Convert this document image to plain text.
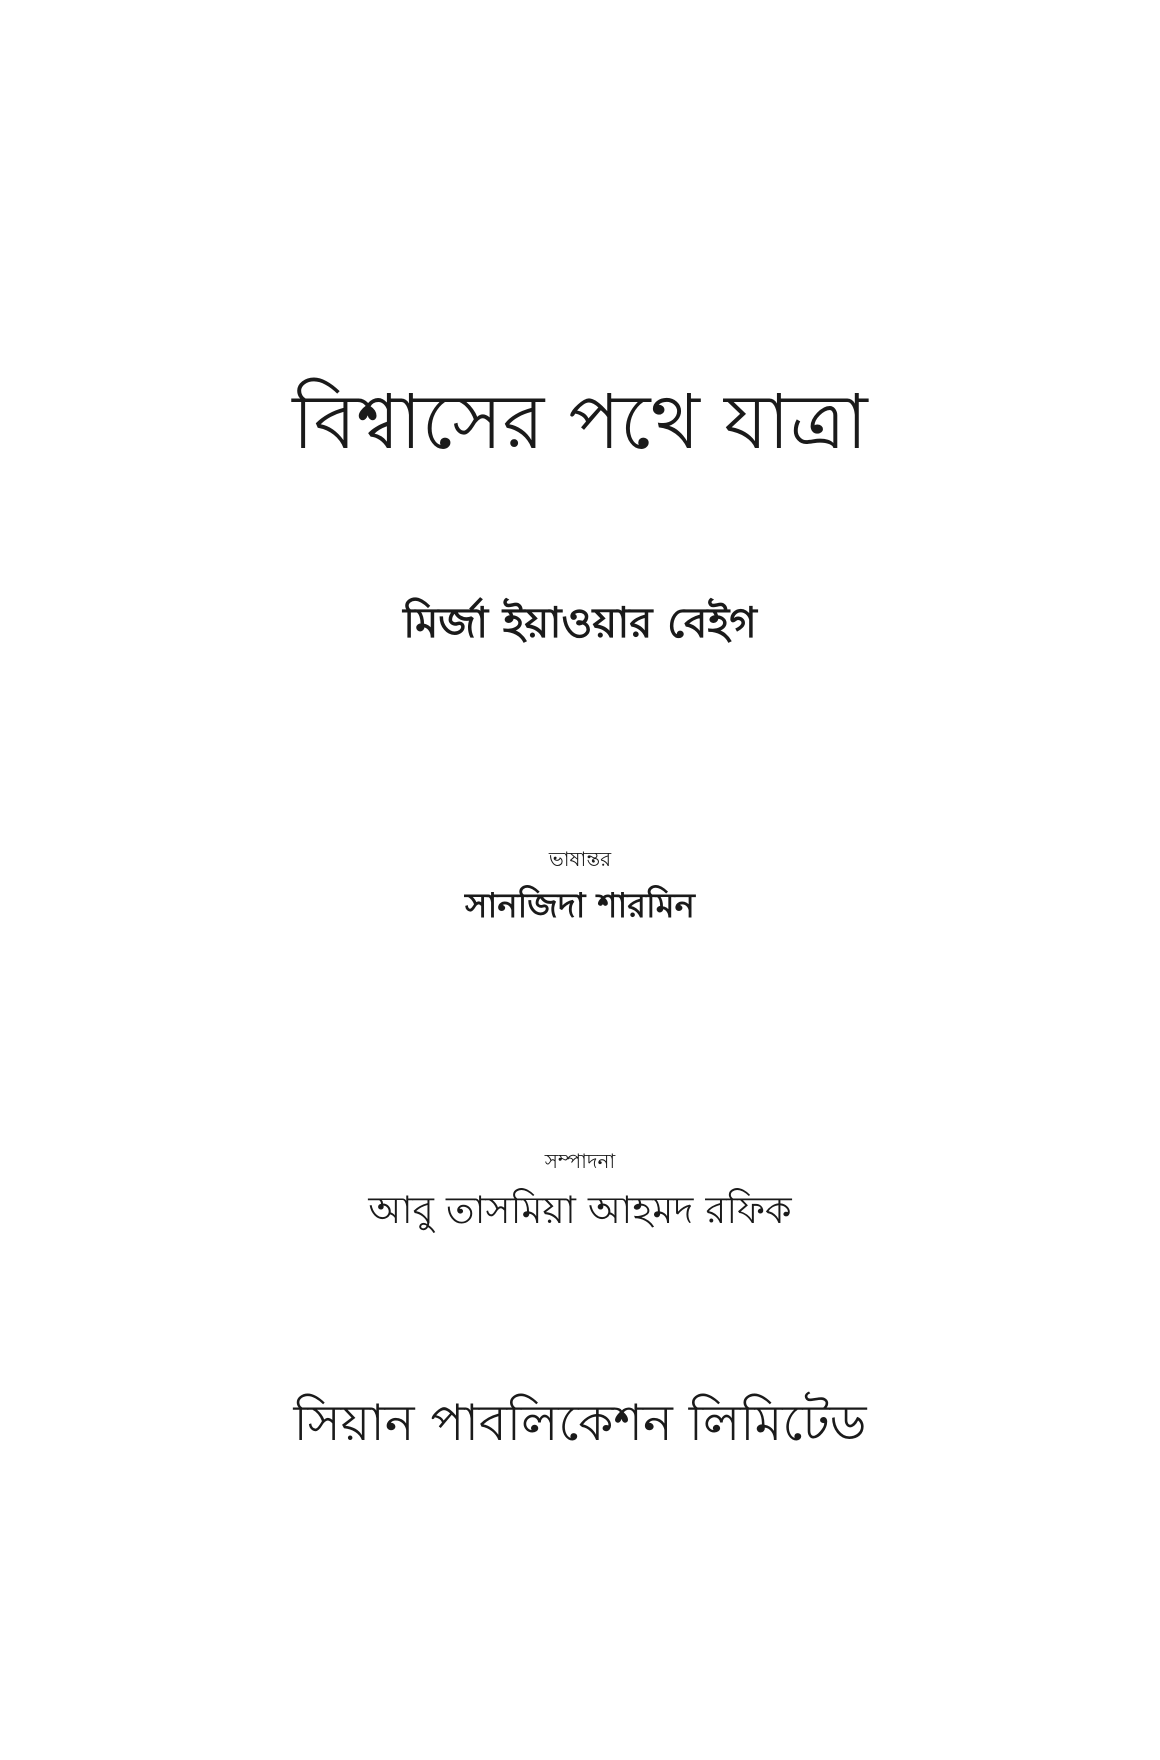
বিশ্বাসের পথে যাত্রা
মির্জা ইয়াওয়ার বেইগ
ভাষান্তর
সানজিদা শারমিন
সম্পাদনা
আবু তাসমিয়া আহমদ রফিক
সিয়ান পাবলিকেশন লিমিটেড
